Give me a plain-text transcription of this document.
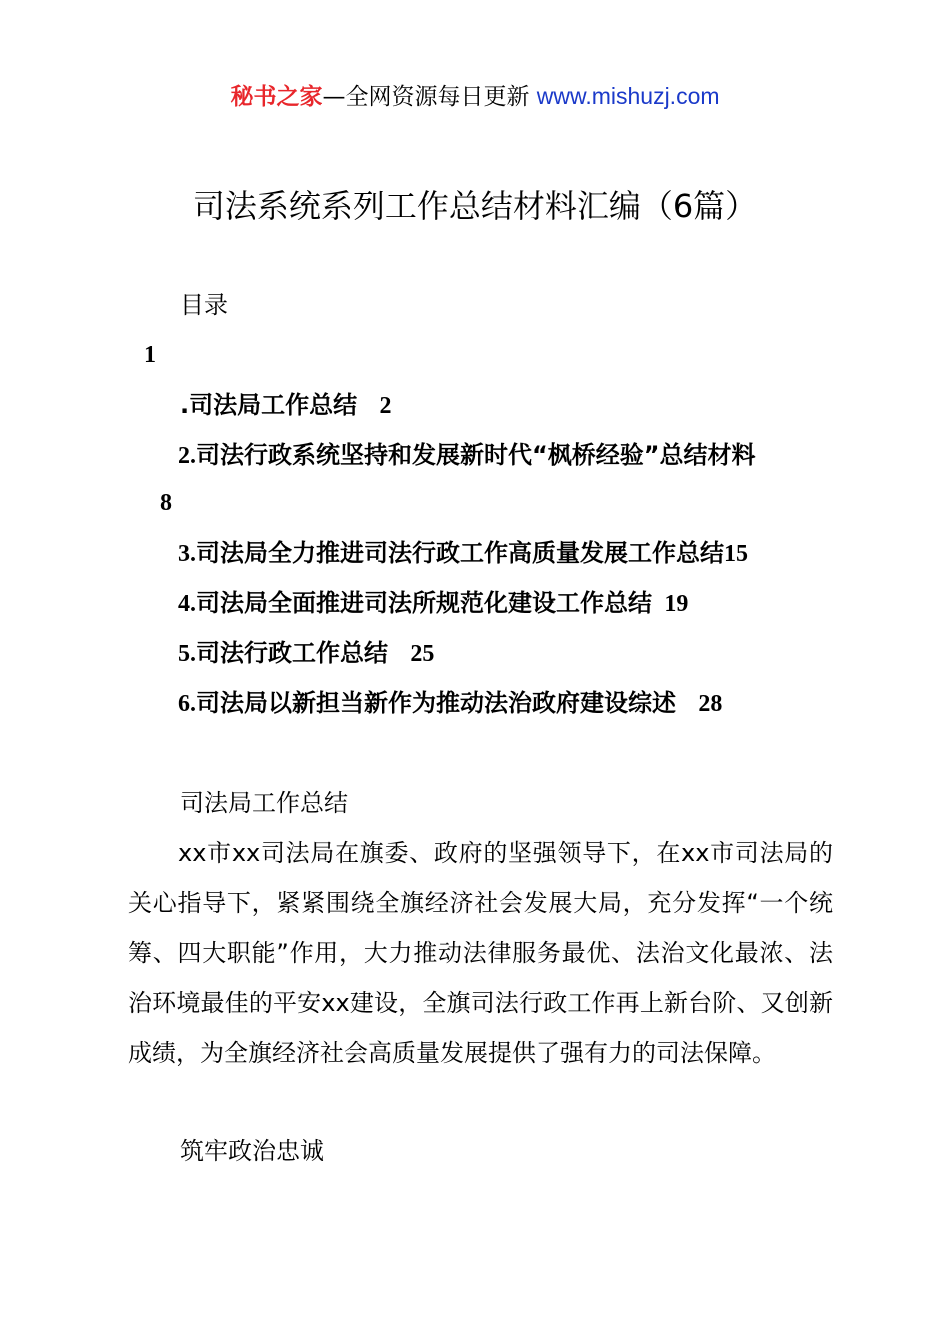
秘书之家—全网资源每日更新 www.mishuzj.com
司法系统系列工作总结材料汇编（6篇）
目录
1
.司法局工作总结 2
2.司法行政系统坚持和发展新时代“枫桥经验”总结材料
8
3.司法局全力推进司法行政工作高质量发展工作总结15
4.司法局全面推进司法所规范化建设工作总结 19
5.司法行政工作总结 25
6.司法局以新担当新作为推动法治政府建设综述 28
司法局工作总结
xx市xx司法局在旗委、政府的坚强领导下，在xx市司法局的关心指导下，紧紧围绕全旗经济社会发展大局，充分发挥“一个统筹、四大职能”作用，大力推动法律服务最优、法治文化最浓、法治环境最佳的平安xx建设，全旗司法行政工作再上新台阶、又创新成绩，为全旗经济社会高质量发展提供了强有力的司法保障。
筑牢政治忠诚
